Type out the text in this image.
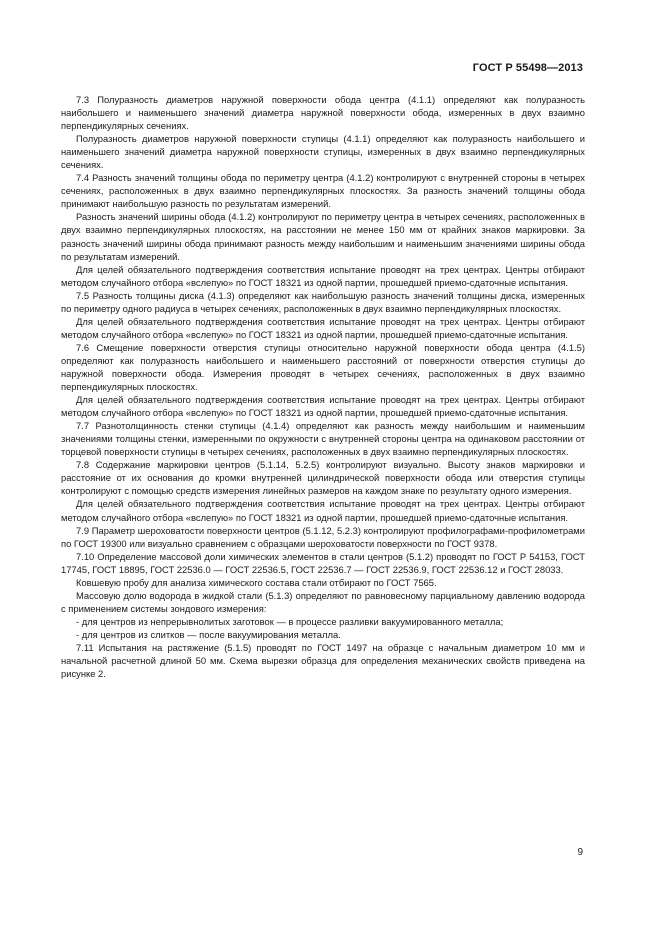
ГОСТ Р 55498—2013

7.3 Полуразность диаметров наружной поверхности обода центра (4.1.1) определяют как полуразность наибольшего и наименьшего значений диаметра наружной поверхности обода, измеренных в двух взаимно перпендикулярных сечениях.

Полуразность диаметров наружной поверхности ступицы (4.1.1) определяют как полуразность наибольшего и наименьшего значений диаметра наружной поверхности ступицы, измеренных в двух взаимно перпендикулярных сечениях.

7.4 Разность значений толщины обода по периметру центра (4.1.2) контролируют с внутренней стороны в четырех сечениях, расположенных в двух взаимно перпендикулярных плоскостях. За разность значений толщины обода принимают наибольшую разность по результатам измерений.

Разность значений ширины обода (4.1.2) контролируют по периметру центра в четырех сечениях, расположенных в двух взаимно перпендикулярных плоскостях, на расстоянии не менее 150 мм от крайних знаков маркировки. За разность значений ширины обода принимают разность между наибольшим и наименьшим значениями ширины обода по результатам измерений.

Для целей обязательного подтверждения соответствия испытание проводят на трех центрах. Центры отбирают методом случайного отбора «вслепую» по ГОСТ 18321 из одной партии, прошедшей приемо-сдаточные испытания.

7.5 Разность толщины диска (4.1.3) определяют как наибольшую разность значений толщины диска, измеренных по периметру одного радиуса в четырех сечениях, расположенных в двух взаимно перпендикулярных плоскостях.

Для целей обязательного подтверждения соответствия испытание проводят на трех центрах. Центры отбирают методом случайного отбора «вслепую» по ГОСТ 18321 из одной партии, прошедшей приемо-сдаточные испытания.

7.6 Смещение поверхности отверстия ступицы относительно наружной поверхности обода центра (4.1.5) определяют как полуразность наибольшего и наименьшего расстояний от поверхности отверстия ступицы до наружной поверхности обода. Измерения проводят в четырех сечениях, расположенных в двух взаимно перпендикулярных плоскостях.

Для целей обязательного подтверждения соответствия испытание проводят на трех центрах. Центры отбирают методом случайного отбора «вслепую» по ГОСТ 18321 из одной партии, прошедшей приемо-сдаточные испытания.

7.7 Разнотолщинность стенки ступицы (4.1.4) определяют как разность между наибольшим и наименьшим значениями толщины стенки, измеренными по окружности с внутренней стороны центра на одинаковом расстоянии от торцевой поверхности ступицы в четырех сечениях, расположенных в двух взаимно перпендикулярных плоскостях.

7.8 Содержание маркировки центров (5.1.14, 5.2.5) контролируют визуально. Высоту знаков маркировки и расстояние от их основания до кромки внутренней цилиндрической поверхности обода или отверстия ступицы контролируют с помощью средств измерения линейных размеров на каждом знаке по результату одного измерения.

Для целей обязательного подтверждения соответствия испытание проводят на трех центрах. Центры отбирают методом случайного отбора «вслепую» по ГОСТ 18321 из одной партии, прошедшей приемо-сдаточные испытания.

7.9 Параметр шероховатости поверхности центров (5.1.12, 5.2.3) контролируют профилографами-профилометрами по ГОСТ 19300 или визуально сравнением с образцами шероховатости поверхности по ГОСТ 9378.

7.10 Определение массовой доли химических элементов в стали центров (5.1.2) проводят по ГОСТ Р 54153, ГОСТ 17745, ГОСТ 18895, ГОСТ 22536.0 — ГОСТ 22536.5, ГОСТ 22536.7 — ГОСТ 22536.9, ГОСТ 22536.12 и ГОСТ 28033.

Ковшевую пробу для анализа химического состава стали отбирают по ГОСТ 7565.

Массовую долю водорода в жидкой стали (5.1.3) определяют по равновесному парциальному давлению водорода с применением системы зондового измерения:

- для центров из непрерывнолитых заготовок — в процессе разливки вакуумированного металла;

- для центров из слитков — после вакуумирования металла.

7.11 Испытания на растяжение (5.1.5) проводят по ГОСТ 1497 на образце с начальным диаметром 10 мм и начальной расчетной длиной 50 мм. Схема вырезки образца для определения механических свойств приведена на рисунке 2.

9
